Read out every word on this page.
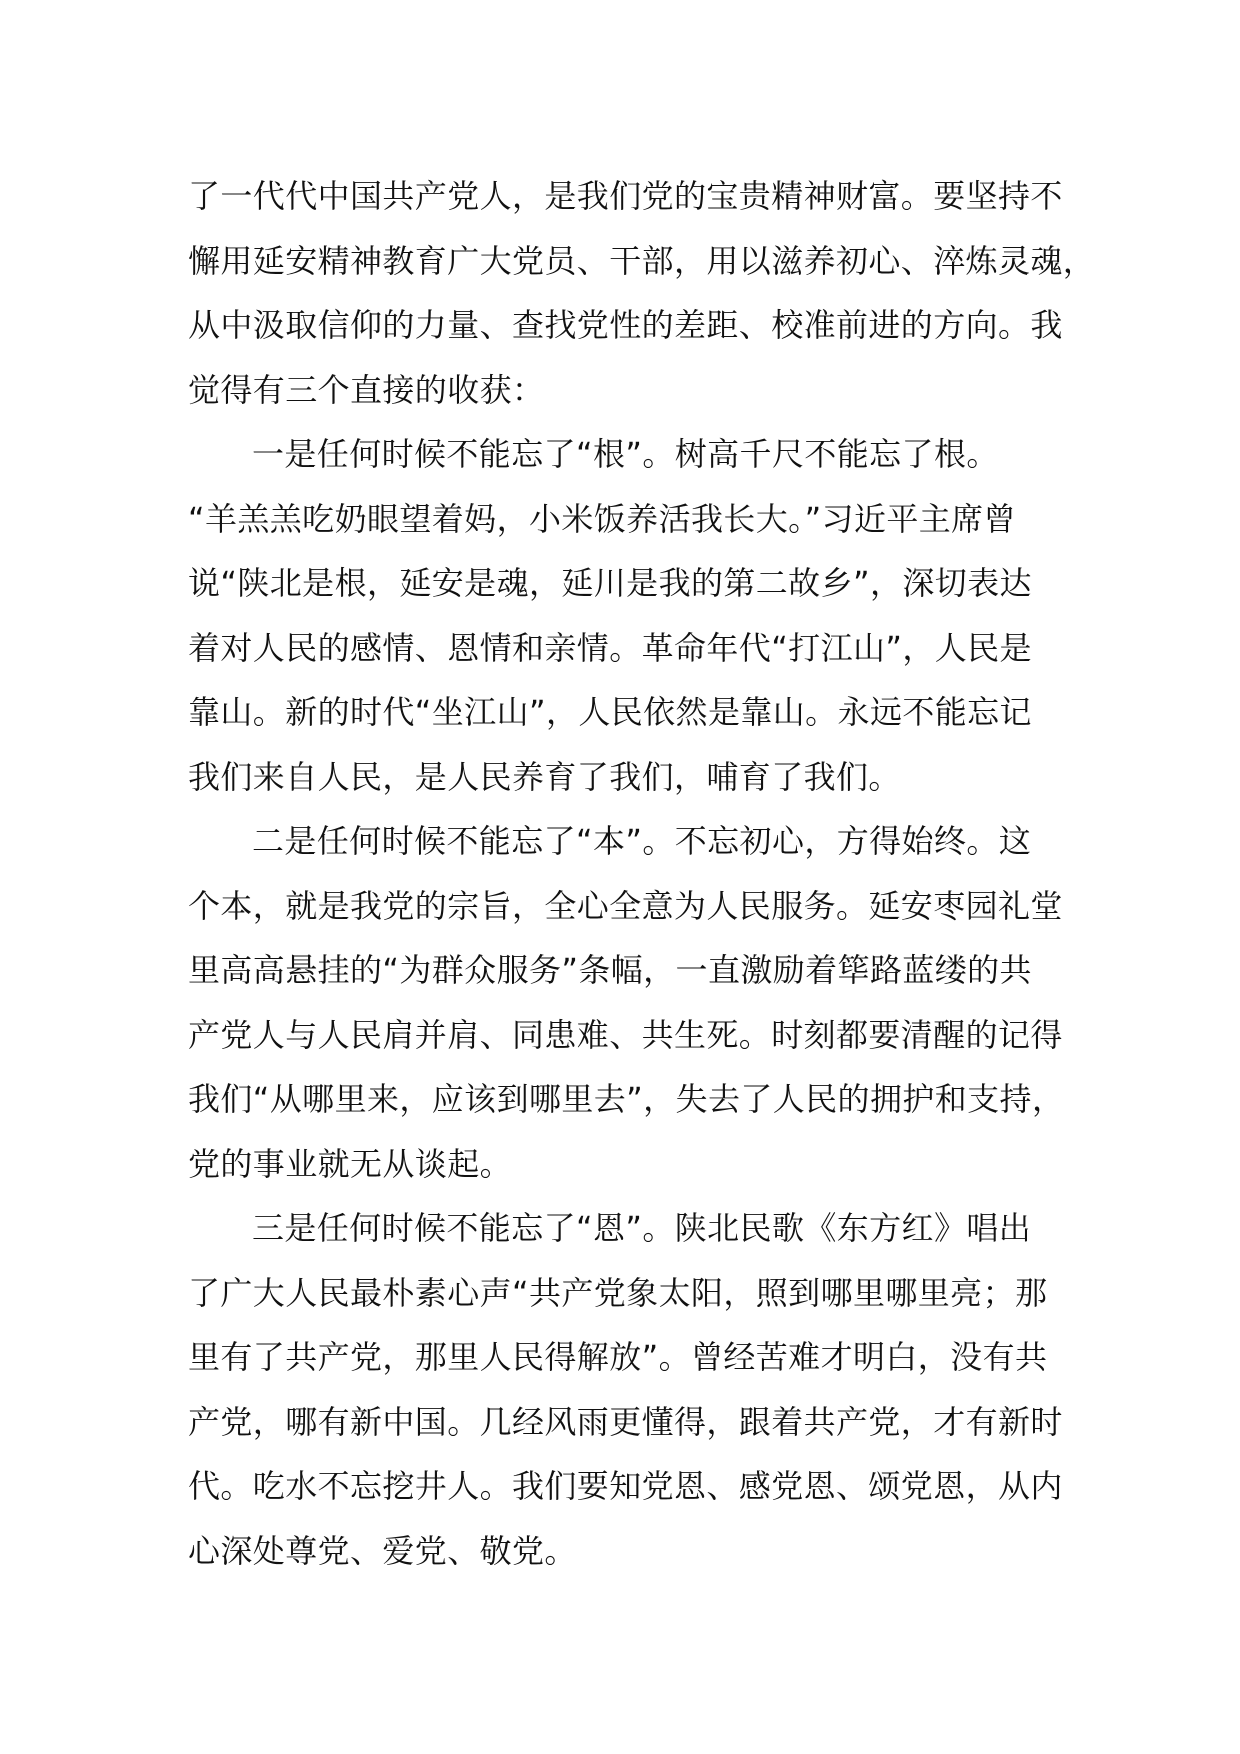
了一代代中国共产党人，是我们党的宝贵精神财富。要坚持不
懈用延安精神教育广大党员、干部，用以滋养初心、淬炼灵魂，
从中汲取信仰的力量、查找党性的差距、校准前进的方向。我
觉得有三个直接的收获：
一是任何时候不能忘了“根”。树高千尺不能忘了根。
“羊羔羔吃奶眼望着妈，小米饭养活我长大。”习近平主席曾
说“陕北是根，延安是魂，延川是我的第二故乡”，深切表达
着对人民的感情、恩情和亲情。革命年代“打江山”，人民是
靠山。新的时代“坐江山”，人民依然是靠山。永远不能忘记
我们来自人民，是人民养育了我们，哺育了我们。
二是任何时候不能忘了“本”。不忘初心，方得始终。这
个本，就是我党的宗旨，全心全意为人民服务。延安枣园礼堂
里高高悬挂的“为群众服务”条幅，一直激励着筚路蓝缕的共
产党人与人民肩并肩、同患难、共生死。时刻都要清醒的记得
我们“从哪里来，应该到哪里去”，失去了人民的拥护和支持，
党的事业就无从谈起。
三是任何时候不能忘了“恩”。陕北民歌《东方红》唱出
了广大人民最朴素心声“共产党象太阳，照到哪里哪里亮；那
里有了共产党，那里人民得解放”。曾经苦难才明白，没有共
产党，哪有新中国。几经风雨更懂得，跟着共产党，才有新时
代。吃水不忘挖井人。我们要知党恩、感党恩、颂党恩，从内
心深处尊党、爱党、敬党。
